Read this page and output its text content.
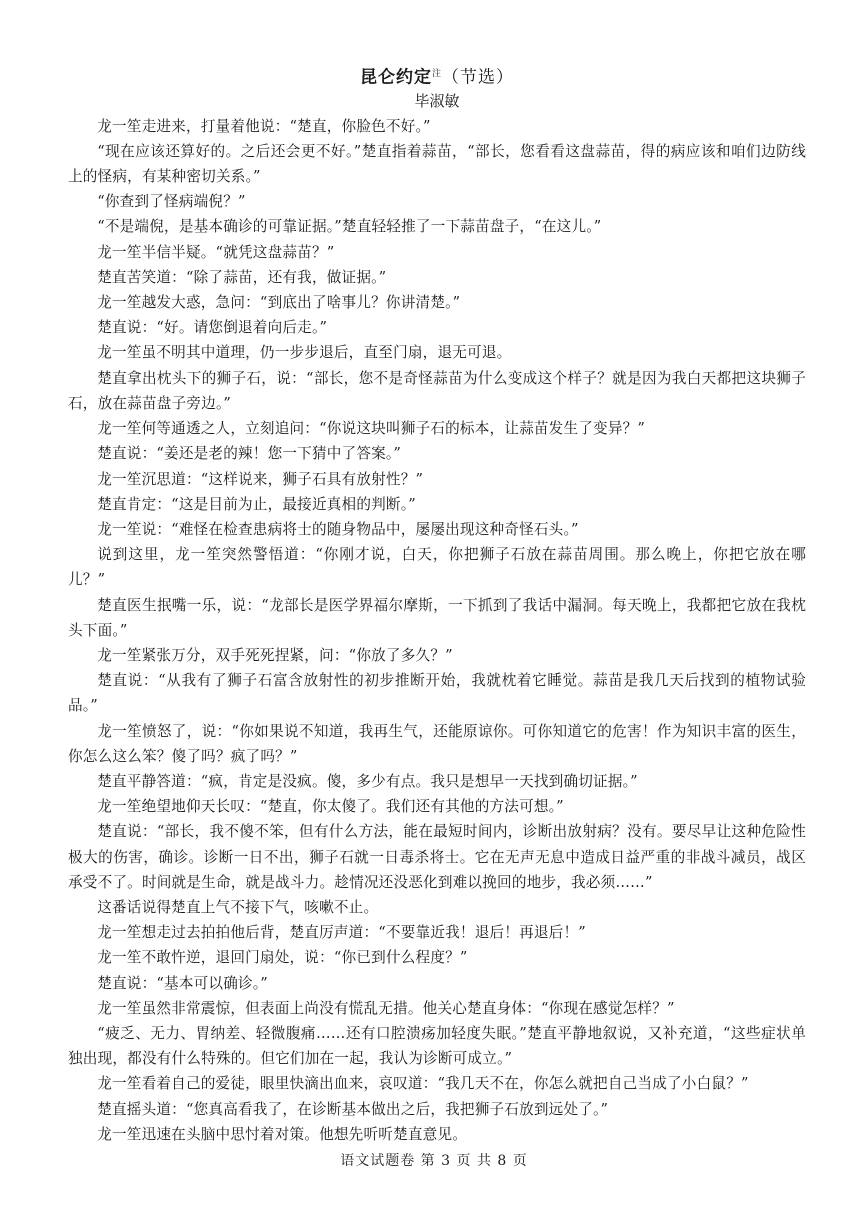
昆仑约定$^注$（节选）
毕淑敏

龙一笙走进来，打量着他说：“楚直，你脸色不好。”

“现在应该还算好的。之后还会更不好。”楚直指着蒜苗，“部长，您看看这盘蒜苗，得的病应该和咱们边防线上的怪病，有某种密切关系。”

“你查到了怪病端倪？”

“不是端倪，是基本确诊的可靠证据。”楚直轻轻推了一下蒜苗盘子，“在这儿。”

龙一笙半信半疑。“就凭这盘蒜苗？”

楚直苦笑道：“除了蒜苗，还有我，做证据。”

龙一笙越发大惑，急问：“到底出了啥事儿？你讲清楚。”

楚直说：“好。请您倒退着向后走。”

龙一笙虽不明其中道理，仍一步步退后，直至门扇，退无可退。

楚直拿出枕头下的狮子石，说：“部长，您不是奇怪蒜苗为什么变成这个样子？就是因为我白天都把这块狮子石，放在蒜苗盘子旁边。”

龙一笙何等通透之人，立刻追问：“你说这块叫狮子石的标本，让蒜苗发生了变异？”

楚直说：“姜还是老的辣！您一下猜中了答案。”

龙一笙沉思道：“这样说来，狮子石具有放射性？”

楚直肯定：“这是目前为止，最接近真相的判断。”

龙一笙说：“难怪在检查患病将士的随身物品中，屡屡出现这种奇怪石头。”

说到这里，龙一笙突然警悟道：“你刚才说，白天，你把狮子石放在蒜苗周围。那么晚上，你把它放在哪儿？”

楚直医生抿嘴一乐，说：“龙部长是医学界福尔摩斯，一下抓到了我话中漏洞。每天晚上，我都把它放在我枕头下面。”

龙一笙紧张万分，双手死死捏紧，问：“你放了多久？”

楚直说：“从我有了狮子石富含放射性的初步推断开始，我就枕着它睡觉。蒜苗是我几天后找到的植物试验品。”

龙一笙愤怒了，说：“你如果说不知道，我再生气，还能原谅你。可你知道它的危害！作为知识丰富的医生，你怎么这么笨？傻了吗？疯了吗？”

楚直平静答道：“疯，肯定是没疯。傻，多少有点。我只是想早一天找到确切证据。”

龙一笙绝望地仰天长叹：“楚直，你太傻了。我们还有其他的方法可想。”

楚直说：“部长，我不傻不笨，但有什么方法，能在最短时间内，诊断出放射病？没有。要尽早让这种危险性极大的伤害，确诊。诊断一日不出，狮子石就一日毒杀将士。它在无声无息中造成日益严重的非战斗减员，战区承受不了。时间就是生命，就是战斗力。趁情况还没恶化到难以挽回的地步，我必须……”

这番话说得楚直上气不接下气，咳嗽不止。

龙一笙想走过去拍拍他后背，楚直厉声道：“不要靠近我！退后！再退后！”

龙一笙不敢忤逆，退回门扇处，说：“你已到什么程度？”

楚直说：“基本可以确诊。”

龙一笙虽然非常震惊，但表面上尚没有慌乱无措。他关心楚直身体：“你现在感觉怎样？”

“疲乏、无力、胃纳差、轻微腹痛……还有口腔溃疡加轻度失眠。”楚直平静地叙说，又补充道，“这些症状单独出现，都没有什么特殊的。但它们加在一起，我认为诊断可成立。”

龙一笙看着自己的爱徒，眼里快滴出血来，哀叹道：“我几天不在，你怎么就把自己当成了小白鼠？”

楚直摇头道：“您真高看我了，在诊断基本做出之后，我把狮子石放到远处了。”

龙一笙迅速在头脑中思忖着对策。他想先听听楚直意见。

语文试题卷 第 3 页 共 8 页
